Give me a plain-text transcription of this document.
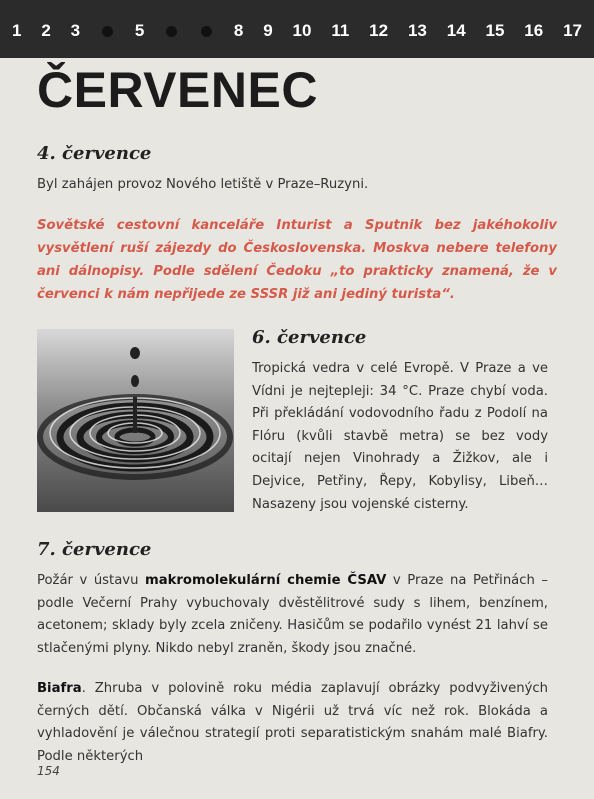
1 2 3	5	8 9 10 11 12 13 14 15 16 17
ČERVENEC
4. července
Byl zahájen provoz Nového letiště v Praze–Ruzyni.
Sovětské cestovní kanceláře Inturist a Sputnik bez jakéhokoliv vysvětlení ruší zájezdy do Československa. Moskva nebere telefony ani dálnopisy. Podle sdělení Čedoku „to prakticky znamená, že v červenci k nám nepřijede ze SSSR již ani jediný turista“.
6. července
Tropická vedra v celé Evropě. V Praze a ve Vídni je nejtepleji: 34 °C. Praze chybí voda. Při překládání vodovodního řadu z Podolí na Flóru (kvůli stavbě metra) se bez vody ocitají nejen Vinohrady a Žižkov, ale i Dejvice, Petřiny, Řepy, Kobylisy, Libeň… Nasazeny jsou vojenské cisterny.
7. července
Požár v ústavu makromolekulární chemie ČSAV v Praze na Petřinách – podle Večerní Prahy vybuchovaly dvěstělitrové sudy s lihem, benzínem, acetonem; sklady byly zcela zničeny. Hasičům se podařilo vynést 21 lahví se stlačenými plyny. Nikdo nebyl zraněn, škody jsou značné.
Biafra. Zhruba v polovině roku média zaplavují obrázky podvyživených černých dětí. Občanská válka v Nigérii už trvá víc než rok. Blokáda a vyhladovění je válečnou strategií proti separatistickým snahám malé Biafry. Podle některých
154
